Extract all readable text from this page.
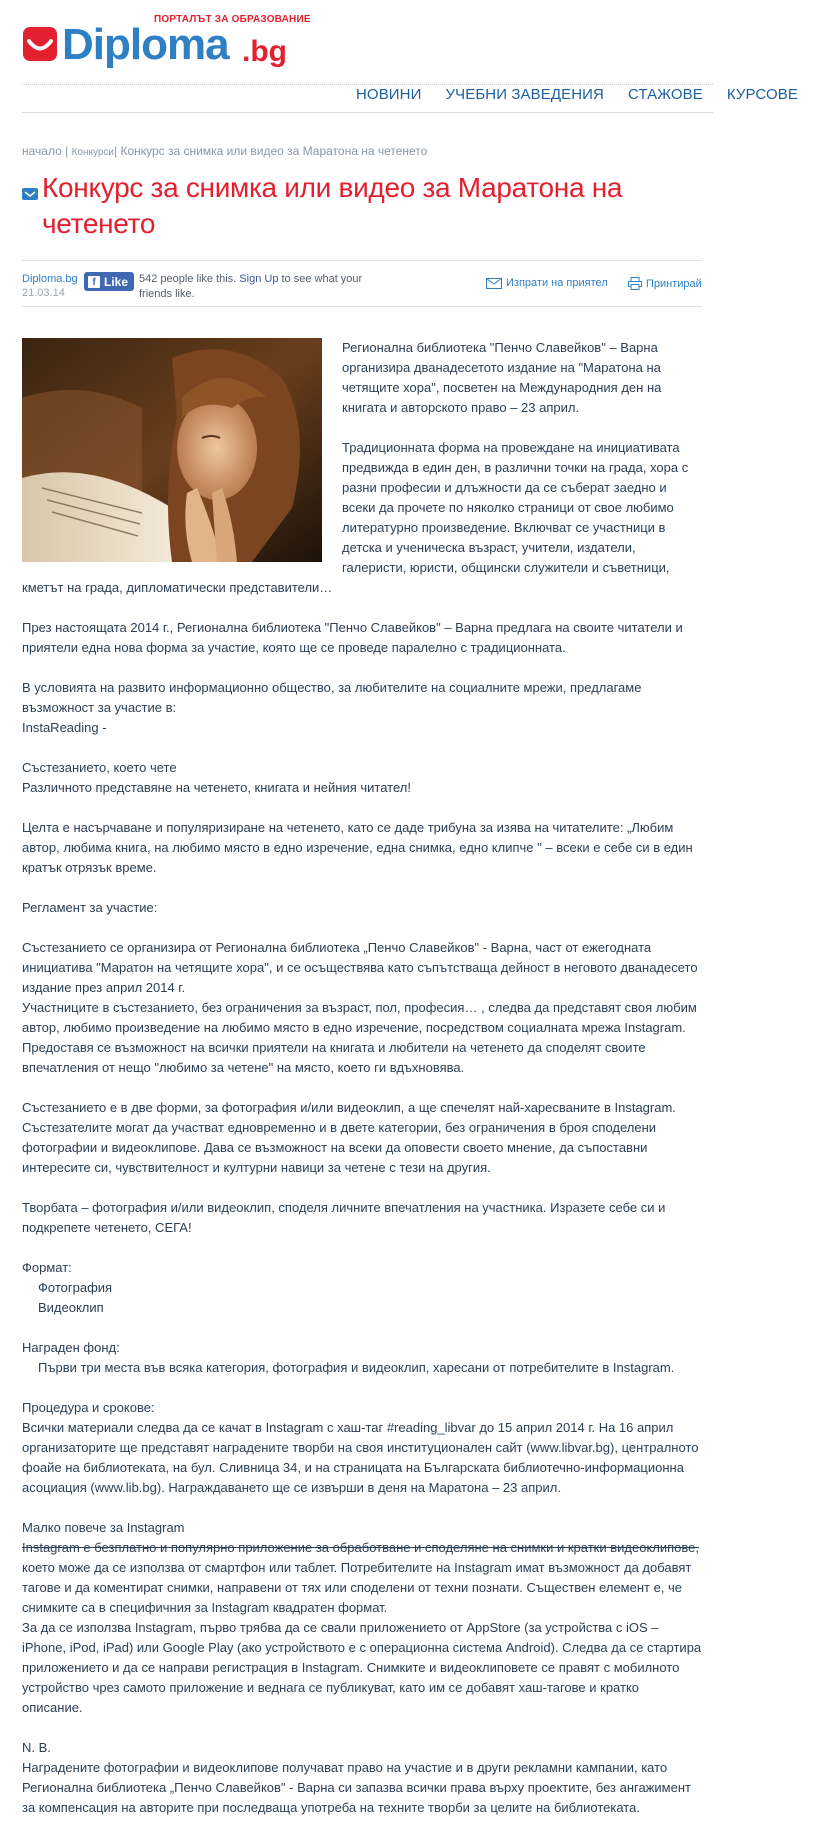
ПОРТАЛЪТ ЗА ОБРАЗОВАНИЕ
Diploma .bg
НОВИНИ УЧЕБНИ ЗАВЕДЕНИЯ СТАЖОВЕ КУРСОВЕ
начало | Конкурси| Конкурс за снимка или видео за Маратона на четенето
Конкурс за снимка или видео за Маратона на четенето
Diploma.bg
21.03.14
f Like 542 people like this. Sign Up to see what your friends like.
Изпрати на приятел	Принтирай

Регионална библиотека "Пенчо Славейков" – Варна организира дванадесетото издание на "Маратона на четящите хора", посветен на Международния ден на книгата и авторското право – 23 април.

Традиционната форма на провеждане на инициативата предвижда в един ден, в различни точки на града, хора с разни професии и длъжности да се съберат заедно и всеки да прочете по няколко страници от свое любимо литературно произведение. Включват се участници в детска и ученическа възраст, учители, издатели, галеристи, юристи, общински служители и съветници, кметът на града, дипломатически представители…

През настоящата 2014 г., Регионална библиотека "Пенчо Славейков" – Варна предлага на своите читатели и приятели една нова форма за участие, която ще се проведе паралелно с традиционната.

В условията на развито информационно общество, за любителите на социалните мрежи, предлагаме възможност за участие в:
InstaReading -

Състезанието, което чете
Различното представяне на четенето, книгата и нейния читател!

Целта е насърчаване и популяризиране на четенето, като се даде трибуна за изява на читателите: „Любим автор, любима книга, на любимо място в едно изречение, една снимка, едно клипче " – всеки е себе си в един кратък отрязък време.

Регламент за участие:

Състезанието се организира от Регионална библиотека „Пенчо Славейков" - Варна, част от ежегодната инициатива "Маратон на четящите хора", и се осъществява като съпътстваща дейност в неговото дванадесето издание през април 2014 г.
Участниците в състезанието, без ограничения за възраст, пол, професия… , следва да представят своя любим автор, любимо произведение на любимо място в едно изречение, посредством социалната мрежа Instagram.
Предоставя се възможност на всички приятели на книгата и любители на четенето да споделят своите впечатления от нещо "любимо за четене" на място, което ги вдъхновява.

Състезанието е в две форми, за фотография и/или видеоклип, а ще спечелят най-харесваните в Instagram. Състезателите могат да участват едновременно и в двете категории, без ограничения в броя споделени фотографии и видеоклипове. Дава се възможност на всеки да оповести своето мнение, да съпоставни интересите си, чувствителност и културни навици за четене с тези на другия.

Творбата – фотография и/или видеоклип, споделя личните впечатления на участника. Изразете себе си и подкрепете четенето, СЕГА!

Формат:
Фотография
Видеоклип

Награден фонд:
Първи три места във всяка категория, фотография и видеоклип, харесани от потребителите в Instagram.

Процедура и срокове:
Всички материали следва да се качат в Instagram с хаш-таг #reading_libvar до 15 април 2014 г. На 16 април организаторите ще представят наградените творби на своя институционален сайт (www.libvar.bg), централното фоайе на библиотеката, на бул. Сливница 34, и на страницата на Българската библиотечно-информационна асоциация (www.lib.bg). Награждаването ще се извърши в деня на Маратона – 23 април.

Малко повече за Instagram
Instagram е безплатно и популярно приложение за обработване и споделяне на снимки и кратки видеоклипове,
което може да се използва от смартфон или таблет. Потребителите на Instagram имат възможност да добавят тагове и да коментират снимки, направени от тях или споделени от техни познати. Съществен елемент е, че снимките са в специфичния за Instagram квадратен формат.
За да се използва Instagram, първо трябва да се свали приложението от AppStore (за устройства с iOS – iPhone, iPod, iPad) или Google Play (ако устройството е с операционна система Android). Следва да се стартира приложението и да се направи регистрация в Instagram. Снимките и видеоклиповете се правят с мобилното устройство чрез самото приложение и веднага се публикуват, като им се добавят хаш-тагове и кратко описание.

N. B.
Наградените фотографии и видеоклипове получават право на участие и в други рекламни кампании, като Регионална библиотека „Пенчо Славейков" - Варна си запазва всички права върху проектите, без ангажимент за компенсация на авторите при последваща употреба на техните творби за целите на библиотеката.
